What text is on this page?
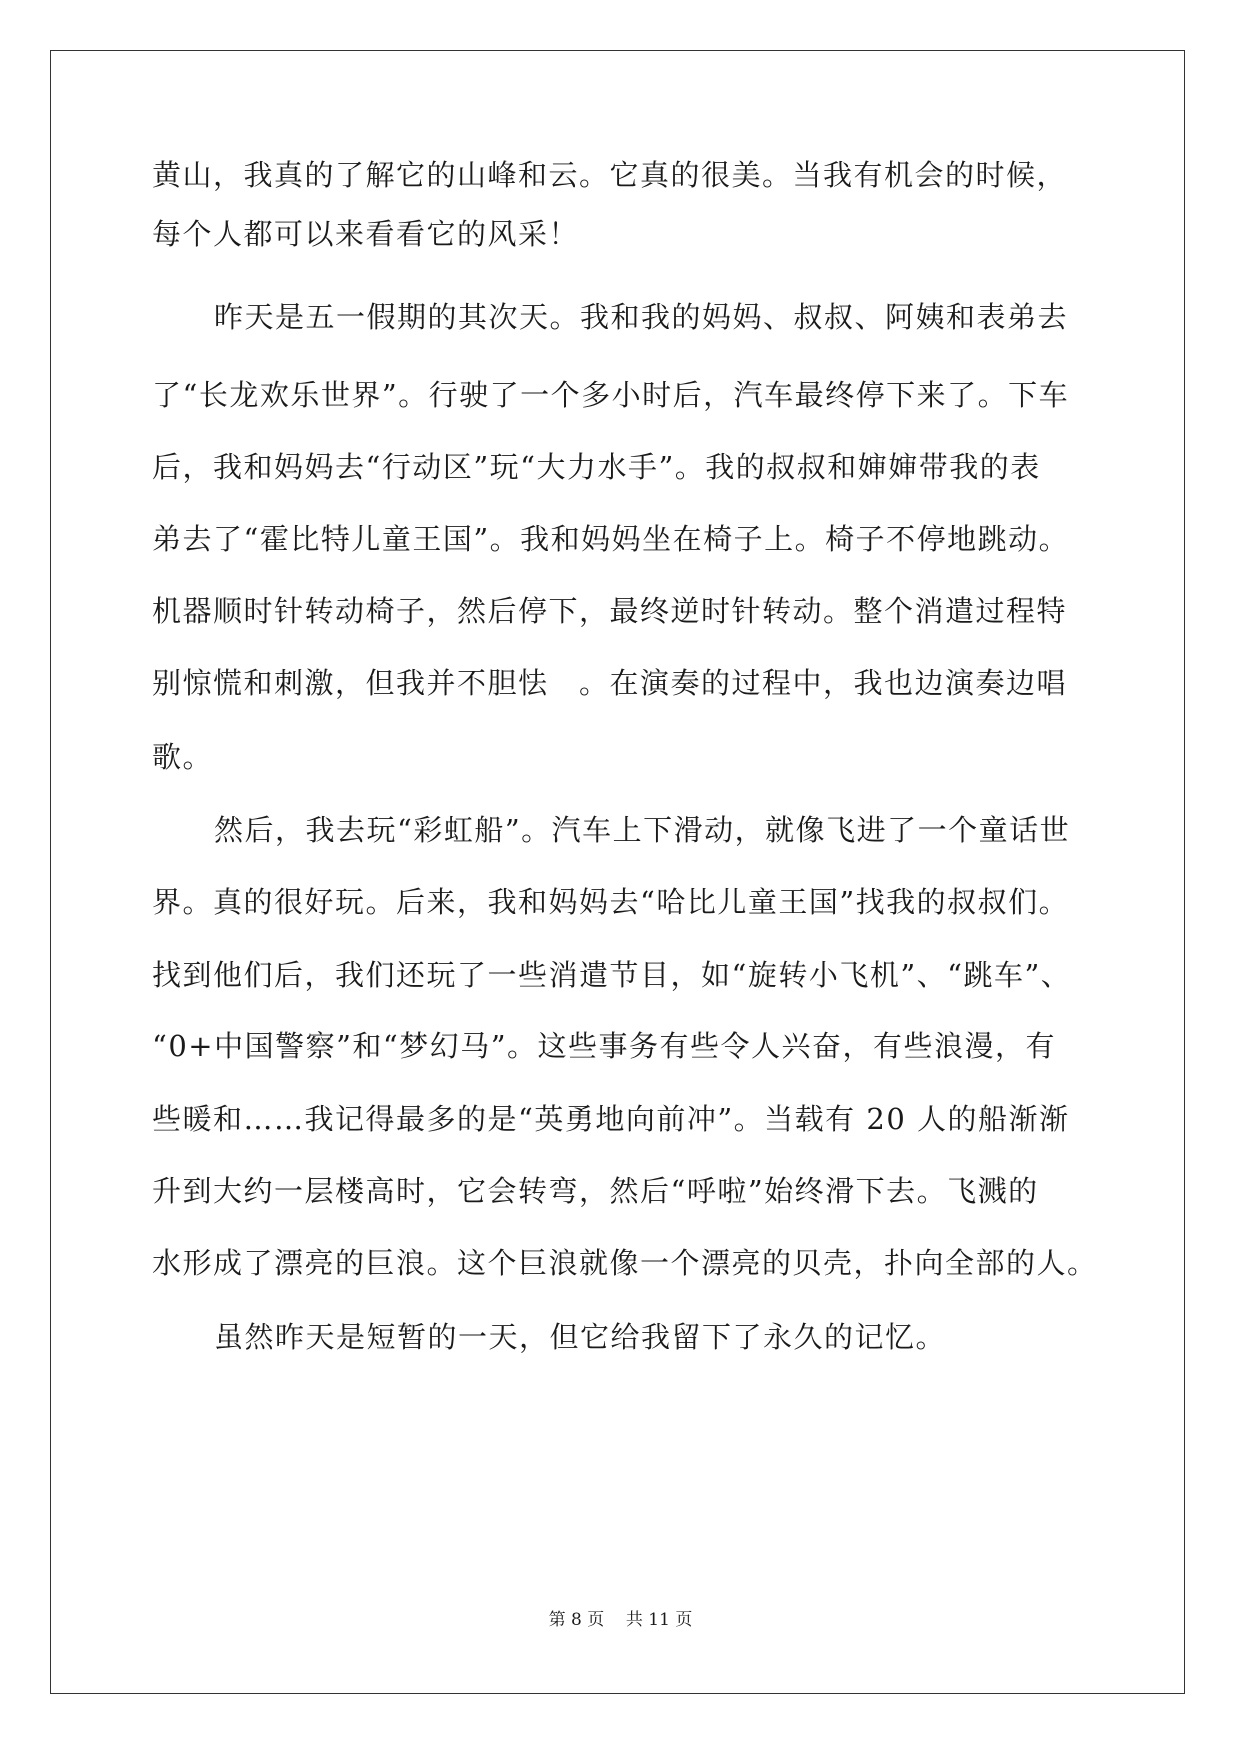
黄山，我真的了解它的山峰和云。它真的很美。当我有机会的时候，
每个人都可以来看看它的风采！
昨天是五一假期的其次天。我和我的妈妈、叔叔、阿姨和表弟去
了“长龙欢乐世界”。行驶了一个多小时后，汽车最终停下来了。下车
后，我和妈妈去“行动区”玩“大力水手”。我的叔叔和婶婶带我的表
弟去了“霍比特儿童王国”。我和妈妈坐在椅子上。椅子不停地跳动。
机器顺时针转动椅子，然后停下，最终逆时针转动。整个消遣过程特
别惊慌和刺激，但我并不胆怯　。在演奏的过程中，我也边演奏边唱
歌。
然后，我去玩“彩虹船”。汽车上下滑动，就像飞进了一个童话世
界。真的很好玩。后来，我和妈妈去“哈比儿童王国”找我的叔叔们。
找到他们后，我们还玩了一些消遣节目，如“旋转小飞机”、“跳车”、
“0+中国警察”和“梦幻马”。这些事务有些令人兴奋，有些浪漫，有
些暖和……我记得最多的是“英勇地向前冲”。当载有 20 人的船渐渐
升到大约一层楼高时，它会转弯，然后“呼啦”始终滑下去。飞溅的
水形成了漂亮的巨浪。这个巨浪就像一个漂亮的贝壳，扑向全部的人。
虽然昨天是短暂的一天，但它给我留下了永久的记忆。
第 8 页    共 11 页
